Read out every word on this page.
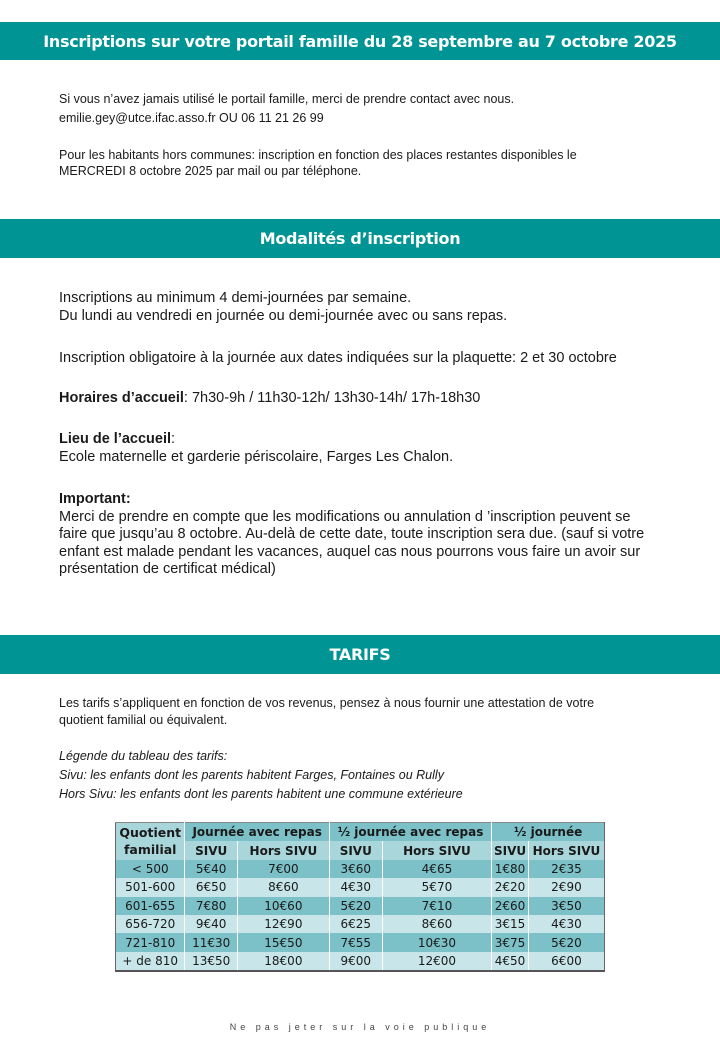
Inscriptions sur votre portail famille du 28 septembre au 7 octobre 2025

Si vous n’avez jamais utilisé le portail famille, merci de prendre contact avec nous.

emilie.gey@utce.ifac.asso.fr OU 06 11 21 26 99

Pour les habitants hors communes: inscription en fonction des places restantes disponibles le

MERCREDI 8 octobre 2025 par mail ou par téléphone.

Modalités d’inscription

Inscriptions au minimum 4 demi-journées par semaine.

Du lundi au vendredi en journée ou demi-journée avec ou sans repas.

Inscription obligatoire à la journée aux dates indiquées sur la plaquette: 2 et 30 octobre

Horaires d’accueil: 7h30-9h / 11h30-12h/ 13h30-14h/ 17h-18h30

Lieu de l’accueil:

Ecole maternelle et garderie périscolaire, Farges Les Chalon.

Important:

Merci de prendre en compte que les modifications ou annulation d ’inscription peuvent se

faire que jusqu’au 8 octobre. Au-delà de cette date, toute inscription sera due. (sauf si votre

enfant est malade pendant les vacances, auquel cas nous pourrons vous faire un avoir sur

présentation de certificat médical)

TARIFS

Les tarifs s’appliquent en fonction de vos revenus, pensez à nous fournir une attestation de votre

quotient familial ou équivalent.

Légende du tableau des tarifs:

Sivu: les enfants dont les parents habitent Farges, Fontaines ou Rully

Hors Sivu: les enfants dont les parents habitent une commune extérieure

Quotient
familial	Journée avec repas		½ journée avec repas		½ journée	
	SIVU	Hors SIVU	SIVU	Hors SIVU	SIVU	Hors SIVU
< 500	5€40	7€00	3€60	4€65	1€80	2€35
501-600	6€50	8€60	4€30	5€70	2€20	2€90
601-655	7€80	10€60	5€20	7€10	2€60	3€50
656-720	9€40	12€90	6€25	8€60	3€15	4€30
721-810	11€30	15€50	7€55	10€30	3€75	5€20
+ de 810	13€50	18€00	9€00	12€00	4€50	6€00
Ne pas jeter sur la voie publique
